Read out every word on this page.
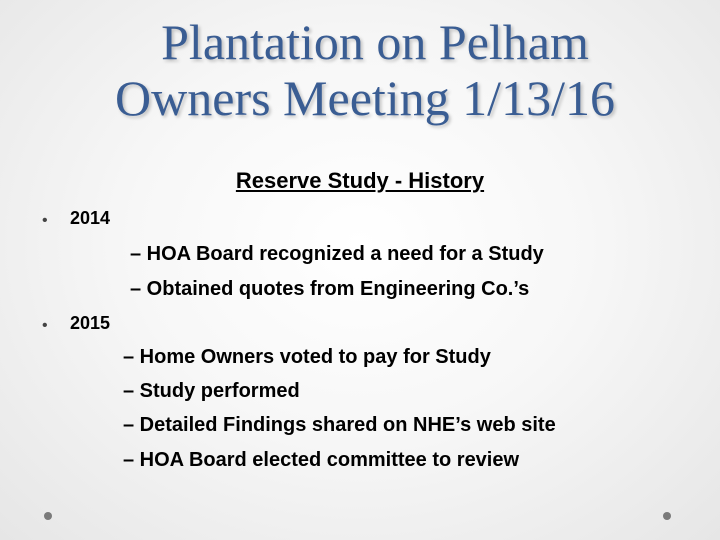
Plantation on Pelham
Owners Meeting 1/13/16
Reserve Study - History
• 2014
– HOA Board recognized a need for a Study
– Obtained quotes from Engineering Co.’s
• 2015
– Home Owners voted to pay for Study
– Study performed
– Detailed Findings shared on NHE’s web site
– HOA Board elected committee to review
